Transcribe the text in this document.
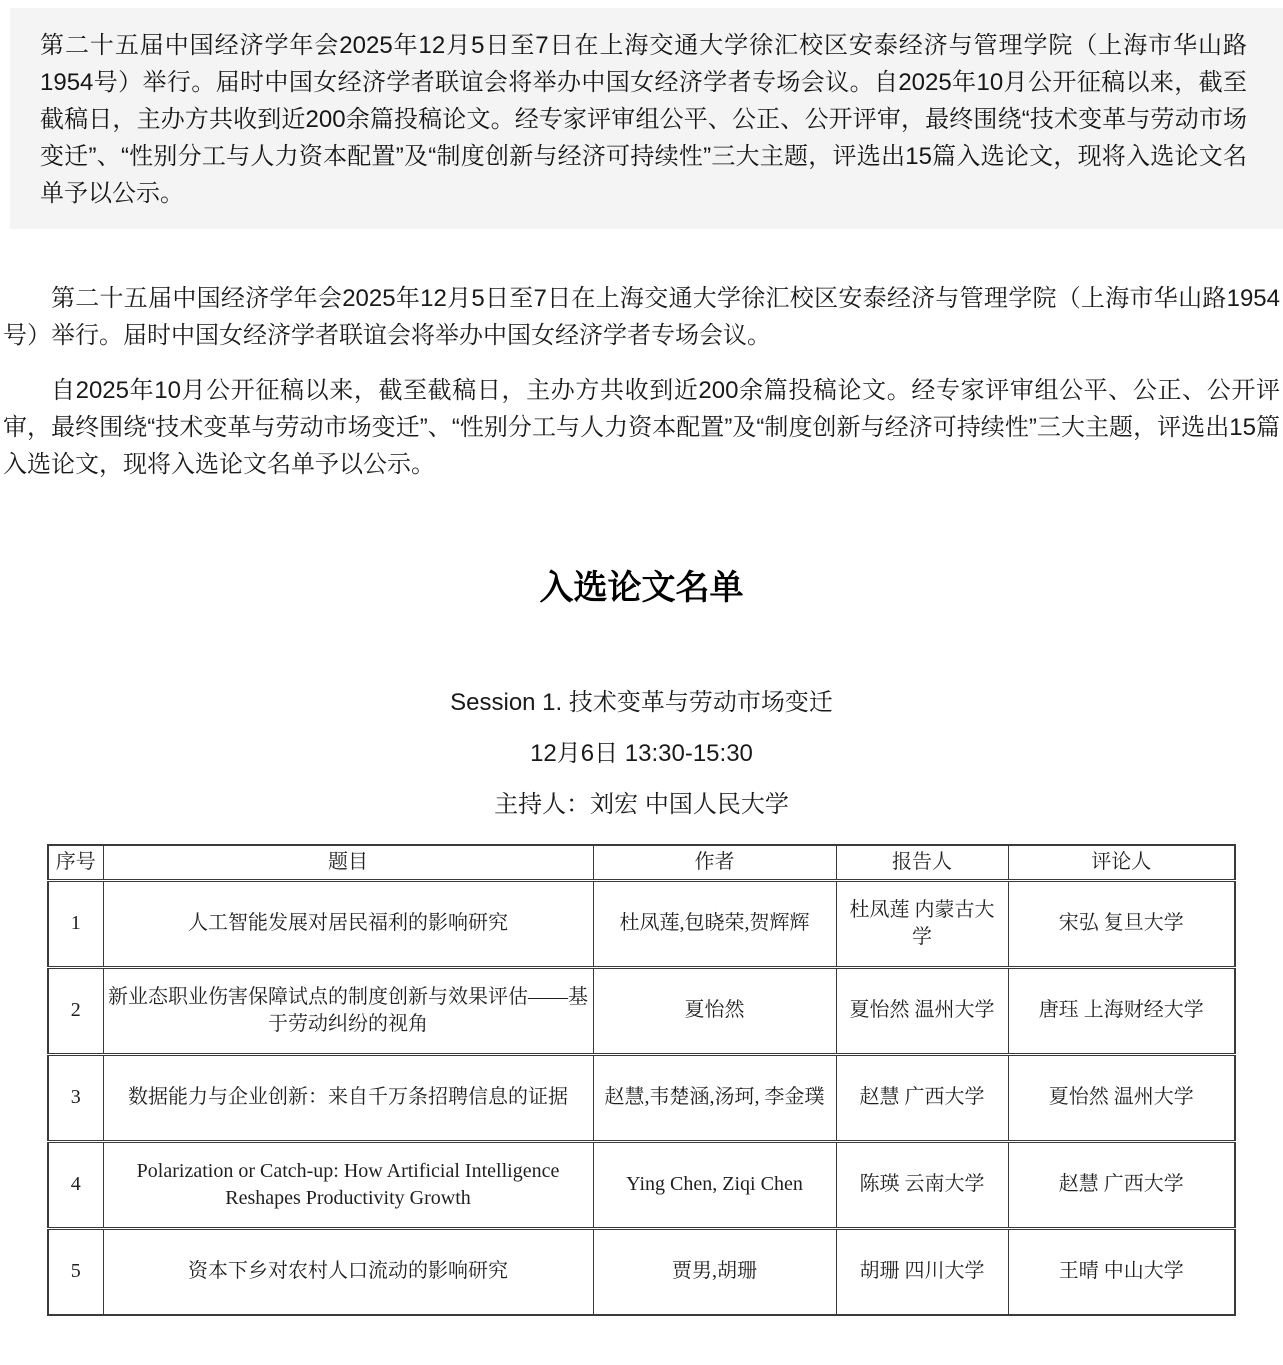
第二十五届中国经济学年会2025年12月5日至7日在上海交通大学徐汇校区安泰经济与管理学院（上海市华山路1954号）举行。届时中国女经济学者联谊会将举办中国女经济学者专场会议。自2025年10月公开征稿以来，截至截稿日，主办方共收到近200余篇投稿论文。经专家评审组公平、公正、公开评审，最终围绕“技术变革与劳动市场变迁”、“性别分工与人力资本配置”及“制度创新与经济可持续性”三大主题，评选出15篇入选论文，现将入选论文名单予以公示。

第二十五届中国经济学年会2025年12月5日至7日在上海交通大学徐汇校区安泰经济与管理学院（上海市华山路1954号）举行。届时中国女经济学者联谊会将举办中国女经济学者专场会议。

自2025年10月公开征稿以来，截至截稿日，主办方共收到近200余篇投稿论文。经专家评审组公平、公正、公开评审，最终围绕“技术变革与劳动市场变迁”、“性别分工与人力资本配置”及“制度创新与经济可持续性”三大主题，评选出15篇入选论文，现将入选论文名单予以公示。

入选论文名单

Session 1. 技术变革与劳动市场变迁

12月6日 13:30-15:30

主持人：刘宏 中国人民大学

序号	题目	作者	报告人	评论人
1	人工智能发展对居民福利的影响研究	杜凤莲,包晓荣,贺辉辉	杜凤莲 内蒙古大学	宋弘 复旦大学
2	新业态职业伤害保障试点的制度创新与效果评估——基于劳动纠纷的视角	夏怡然	夏怡然 温州大学	唐珏 上海财经大学
3	数据能力与企业创新：来自千万条招聘信息的证据	赵慧,韦楚涵,汤珂, 李金璞	赵慧 广西大学	夏怡然 温州大学
4	Polarization or Catch-up: How Artificial Intelligence Reshapes Productivity Growth	Ying Chen, Ziqi Chen	陈瑛 云南大学	赵慧 广西大学
5	资本下乡对农村人口流动的影响研究	贾男,胡珊	胡珊 四川大学	王晴 中山大学
